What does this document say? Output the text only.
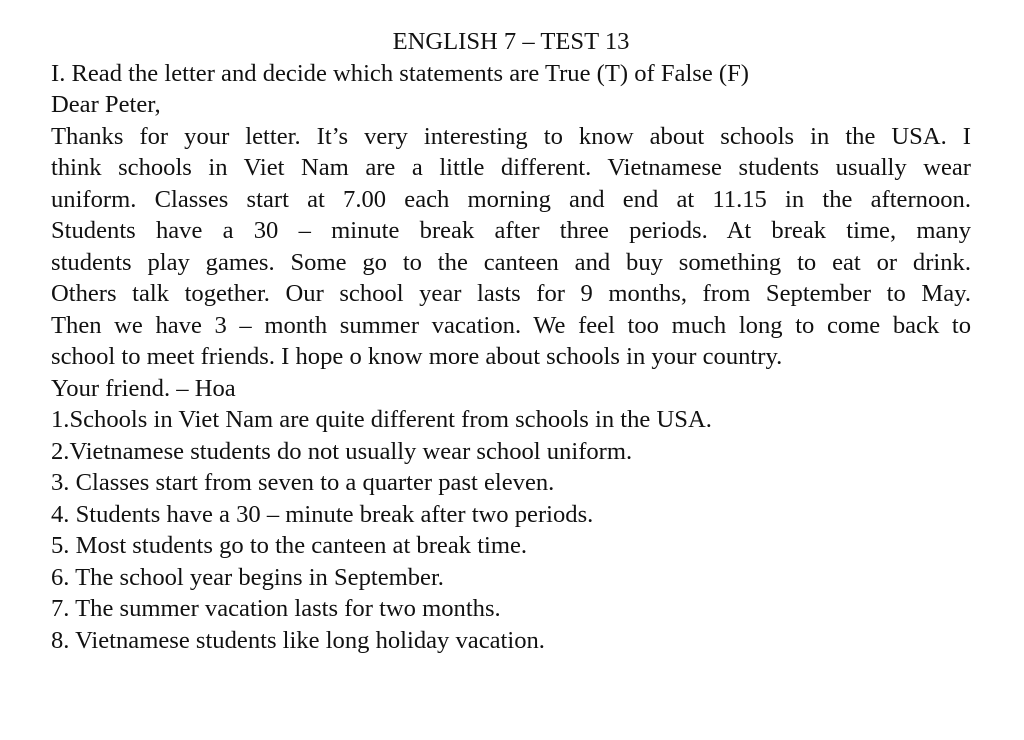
ENGLISH 7 – TEST 13

I. Read the letter and decide which statements are True (T) of False (F)

Dear Peter,

Thanks for your letter. It’s very interesting to know about schools in the USA. I

think schools in Viet Nam are a little different. Vietnamese students usually wear

uniform. Classes start at 7.00 each morning and end at 11.15 in the afternoon.

Students have a 30 – minute break after three periods. At break time, many

students play games. Some go to the canteen and buy something to eat or drink.

Others talk together. Our school year lasts for 9 months, from September to May.

Then we have 3 – month summer vacation. We feel too much long to come back to

school to meet friends. I hope o know more about schools in your country.

Your friend. – Hoa

1.Schools in Viet Nam are quite different from schools in the USA.
2.Vietnamese students do not usually wear school uniform.
3. Classes start from seven to a quarter past eleven.
4. Students have a 30 – minute break after two periods.
5. Most students go to the canteen at break time.
6. The school year begins in September.
7. The summer vacation lasts for two months.
8. Vietnamese students like long holiday vacation.
